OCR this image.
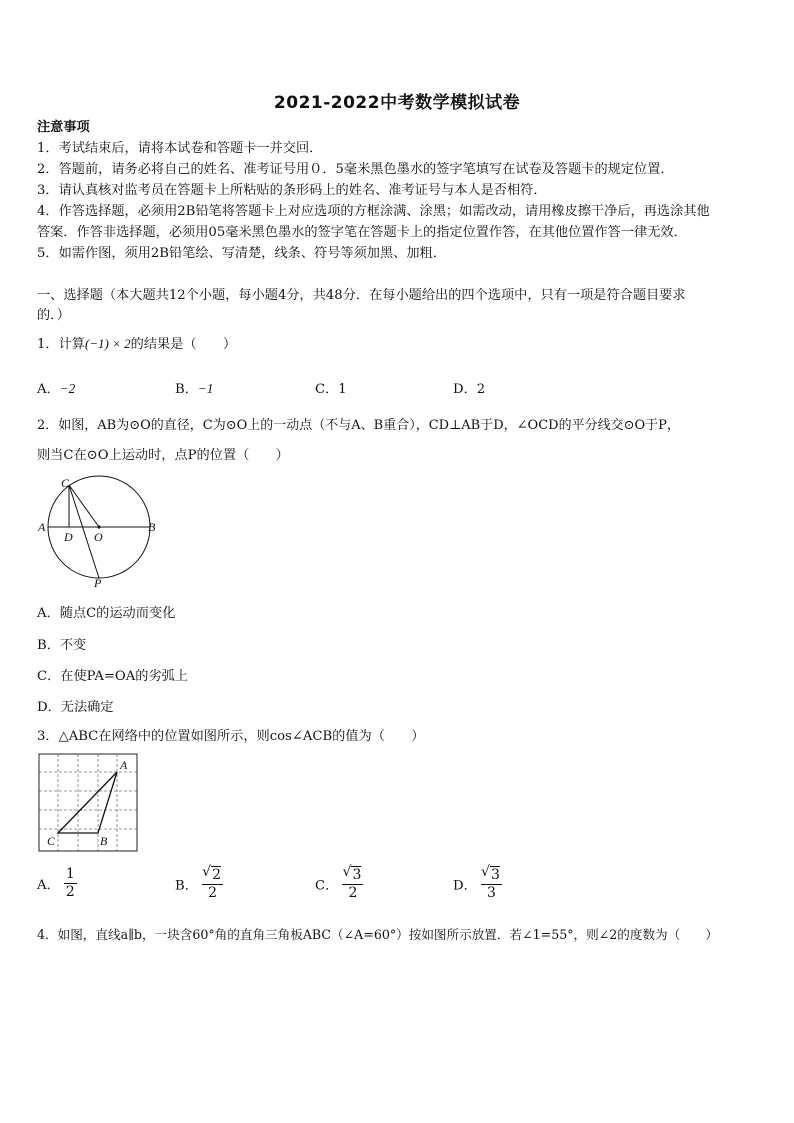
2021-2022中考数学模拟试卷
注意事项
1．考试结束后，请将本试卷和答题卡一并交回．
2．答题前，请务必将自己的姓名、准考证号用０．5毫米黑色墨水的签字笔填写在试卷及答题卡的规定位置．
3．请认真核对监考员在答题卡上所粘贴的条形码上的姓名、准考证号与本人是否相符．
4．作答选择题，必须用2B铅笔将答题卡上对应选项的方框涂满、涂黑；如需改动，请用橡皮擦干净后，再选涂其他
答案．作答非选择题，必须用05毫米黑色墨水的签字笔在答题卡上的指定位置作答，在其他位置作答一律无效．
5．如需作图，须用2B铅笔绘、写清楚，线条、符号等须加黑、加粗．
一、选择题（本大题共12个小题，每小题4分，共48分．在每小题给出的四个选项中，只有一项是符合题目要求
的．）
1．计算(−1) × 2的结果是（　　）
A．−2	B．−1	C．1	D．2
2．如图，AB为⊙O的直径，C为⊙O上的一动点（不与A、B重合），CD⊥AB于D，∠OCD的平分线交⊙O于P，
则当C在⊙O上运动时，点P的位置（　　）
C
A	B
D O
P
A．随点C的运动而变化
B．不变
C．在使PA=OA的劣弧上
D．无法确定
3．△ABC在网络中的位置如图所示，则cos∠ACB的值为（　　）
A
B
C
A． $\frac{1}{2}$	B． √ $\frac{2}{2}$	C． √ $\frac{3}{2}$	D． √ $\frac{3}{3}$
4．如图，直线a∥b，一块含60°角的直角三角板ABC（∠A=60°）按如图所示放置．若∠1=55°，则∠2的度数为（　　）
